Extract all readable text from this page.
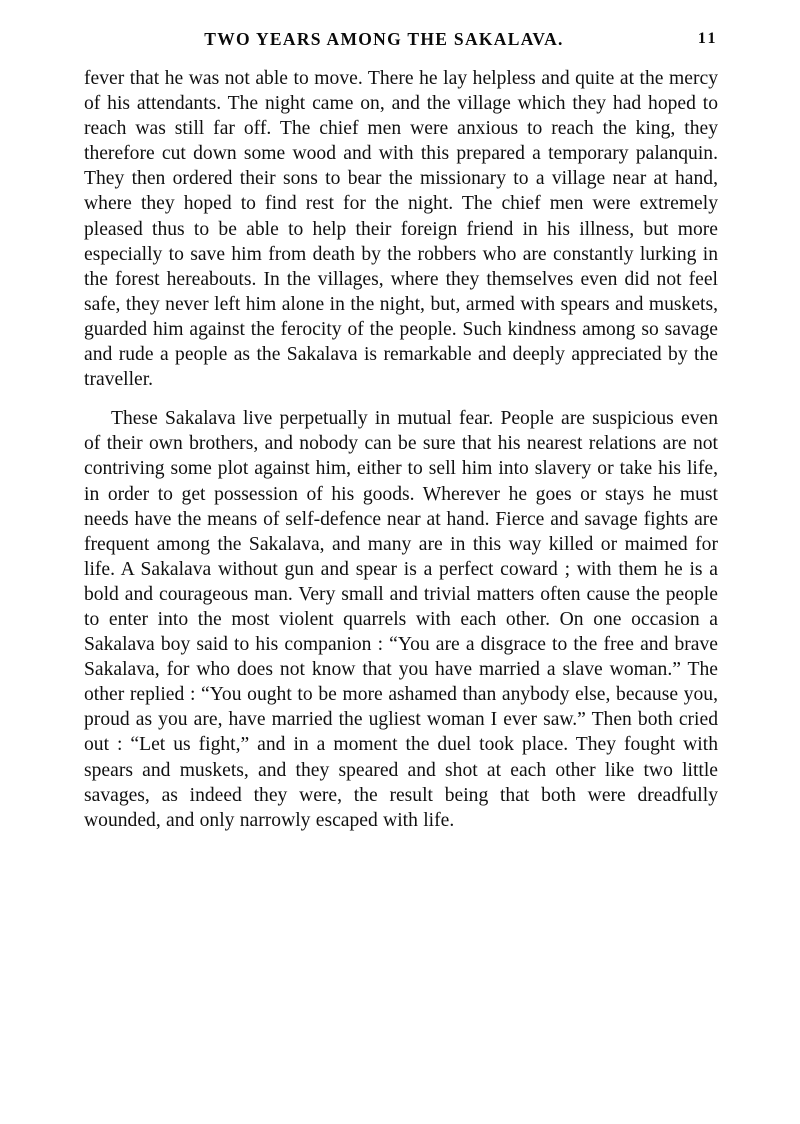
TWO YEARS AMONG THE SAKALAVA.	11

fever that he was not able to move. There he lay helpless and quite at the mercy of his attendants. The night came on, and the village which they had hoped to reach was still far off. The chief men were anxious to reach the king, they therefore cut down some wood and with this prepared a temporary palanquin. They then ordered their sons to bear the missionary to a village near at hand, where they hoped to find rest for the night. The chief men were extremely pleased thus to be able to help their foreign friend in his illness, but more especially to save him from death by the robbers who are constantly lurking in the forest hereabouts. In the villages, where they themselves even did not feel safe, they never left him alone in the night, but, armed with spears and muskets, guarded him against the ferocity of the people. Such kindness among so savage and rude a people as the Sakalava is remarkable and deeply appreciated by the traveller.

These Sakalava live perpetually in mutual fear. People are suspicious even of their own brothers, and nobody can be sure that his nearest relations are not contriving some plot against him, either to sell him into slavery or take his life, in order to get possession of his goods. Wherever he goes or stays he must needs have the means of self-defence near at hand. Fierce and savage fights are frequent among the Sakalava, and many are in this way killed or maimed for life. A Sakalava without gun and spear is a perfect coward ; with them he is a bold and courageous man. Very small and trivial matters often cause the people to enter into the most violent quarrels with each other. On one occasion a Sakalava boy said to his companion : “You are a disgrace to the free and brave Sakalava, for who does not know that you have married a slave woman.” The other replied : “You ought to be more ashamed than anybody else, because you, proud as you are, have married the ugliest woman I ever saw.” Then both cried out : “Let us fight,” and in a moment the duel took place. They fought with spears and muskets, and they speared and shot at each other like two little savages, as indeed they were, the result being that both were dreadfully wounded, and only narrowly escaped with life.
